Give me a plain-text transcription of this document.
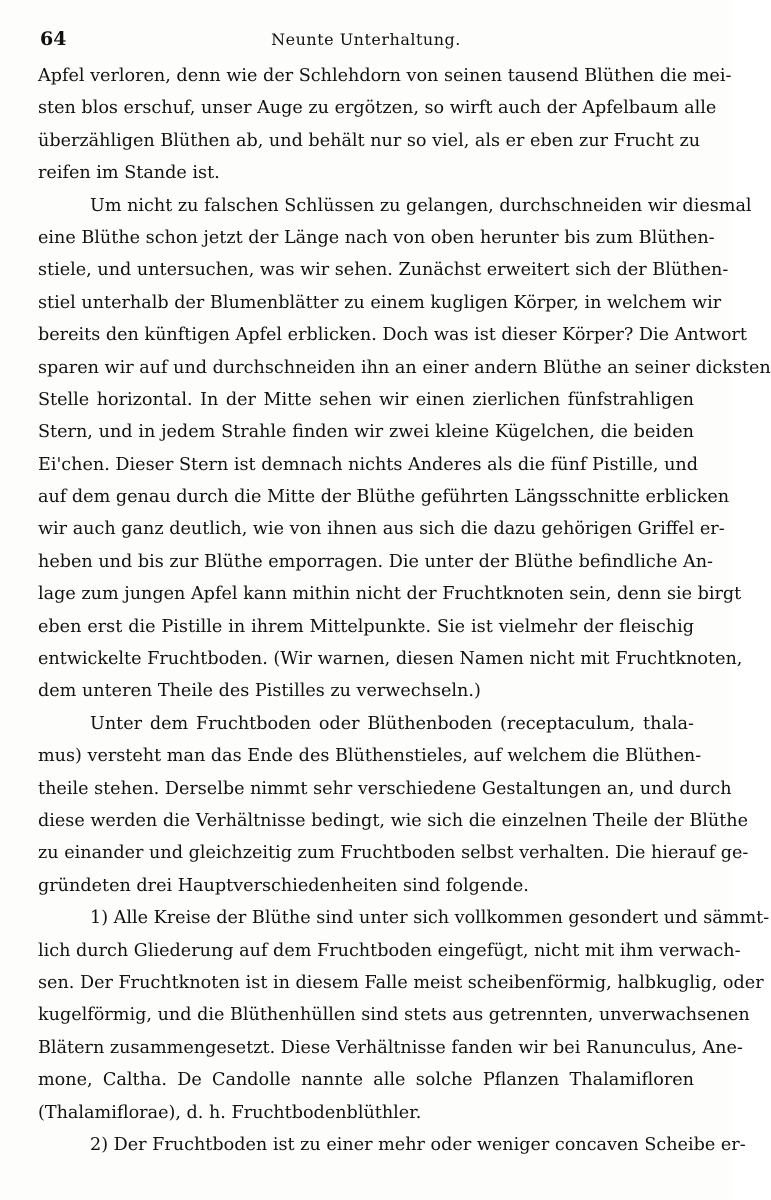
64	Neunte Unterhaltung.
Apfel verloren, denn wie der Schlehdorn von seinen tausend Blüthen die mei-
sten blos erschuf, unser Auge zu ergötzen, so wirft auch der Apfelbaum alle
überzähligen Blüthen ab, und behält nur so viel, als er eben zur Frucht zu
reifen im Stande ist.
Um nicht zu falschen Schlüssen zu gelangen, durchschneiden wir diesmal
eine Blüthe schon jetzt der Länge nach von oben herunter bis zum Blüthen-
stiele, und untersuchen, was wir sehen. Zunächst erweitert sich der Blüthen-
stiel unterhalb der Blumenblätter zu einem kugligen Körper, in welchem wir
bereits den künftigen Apfel erblicken. Doch was ist dieser Körper? Die Antwort
sparen wir auf und durchschneiden ihn an einer andern Blüthe an seiner dicksten
Stelle horizontal. In der Mitte sehen wir einen zierlichen fünfstrahligen
Stern, und in jedem Strahle finden wir zwei kleine Kügelchen, die beiden
Ei'chen. Dieser Stern ist demnach nichts Anderes als die fünf Pistille, und
auf dem genau durch die Mitte der Blüthe geführten Längsschnitte erblicken
wir auch ganz deutlich, wie von ihnen aus sich die dazu gehörigen Griffel er-
heben und bis zur Blüthe emporragen. Die unter der Blüthe befindliche An-
lage zum jungen Apfel kann mithin nicht der Fruchtknoten sein, denn sie birgt
eben erst die Pistille in ihrem Mittelpunkte. Sie ist vielmehr der fleischig
entwickelte Fruchtboden. (Wir warnen, diesen Namen nicht mit Fruchtknoten,
dem unteren Theile des Pistilles zu verwechseln.)
Unter dem Fruchtboden oder Blüthenboden (receptaculum, thala-
mus) versteht man das Ende des Blüthenstieles, auf welchem die Blüthen-
theile stehen. Derselbe nimmt sehr verschiedene Gestaltungen an, und durch
diese werden die Verhältnisse bedingt, wie sich die einzelnen Theile der Blüthe
zu einander und gleichzeitig zum Fruchtboden selbst verhalten. Die hierauf ge-
gründeten drei Hauptverschiedenheiten sind folgende.
1) Alle Kreise der Blüthe sind unter sich vollkommen gesondert und sämmt-
lich durch Gliederung auf dem Fruchtboden eingefügt, nicht mit ihm verwach-
sen. Der Fruchtknoten ist in diesem Falle meist scheibenförmig, halbkuglig, oder
kugelförmig, und die Blüthenhüllen sind stets aus getrennten, unverwachsenen
Blätern zusammengesetzt. Diese Verhältnisse fanden wir bei Ranunculus, Ane-
mone, Caltha. De Candolle nannte alle solche Pflanzen Thalamifloren
(Thalamiflorae), d. h. Fruchtbodenblüthler.
2) Der Fruchtboden ist zu einer mehr oder weniger concaven Scheibe er-
